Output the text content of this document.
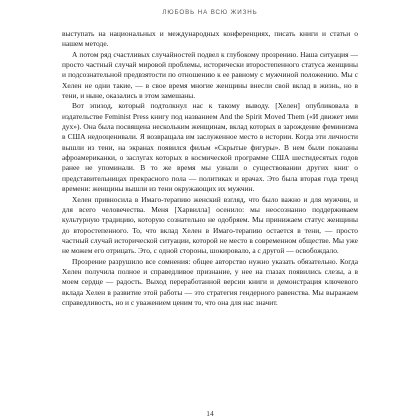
ЛЮБОВЬ НА ВСЮ ЖИЗНЬ

выступать на национальных и международных конференциях, писать книги и статьи о нашем методе.

А потом ряд счастливых случайностей подвел к глубокому прозрению. Наша ситуация — просто частный случай мировой проблемы, исторически второстепенного статуса женщины и подсознательной предвзятости по отношению к ее равному с мужчиной положению. Мы с Хелен не одни такие, — в свое время многие женщины внесли свой вклад в жизнь, но в тени, и ныне, оказались в этом замешаны.

Вот эпизод, который подтолкнул нас к такому выводу. [Хелен] опубликовала в издательстве Feminist Press книгу под названием And the Spirit Moved Them («И движет ими дух»). Она была посвящена нескольким женщинам, вклад которых в зарождение феминизма в США недооценивали. Я возвращала им заслуженное место в истории. Когда эти личности вышли из тени, на экранах появился фильм «Скрытые фигуры». В нем были показаны афроамериканки, о заслугах которых в космической программе США шестидесятых годов ранее не упоминали. В то же время мы узнали о существовании других книг о представительницах прекрасного пола — политиках и врачах. Это была вторая года тренд времени: женщины вышли из тени окружающих их мужчин.

Хелен привносила в Имаго-терапию женский взгляд, что было важно и для мужчин, и для всего человечества. Меня [Харвилла] осенило: мы неосознанно поддерживаем культурную традицию, которую сознательно не одобряем. Мы принижаем статус женщины до второстепенного. То, что вклад Хелен в Имаго-терапию остается в тени, — просто частный случай исторической ситуации, которой не место в современном обществе. Мы уже не можем его отрицать. Это, с одной стороны, шокировало, а с другой — освобождало.

Прозрение разрушило все сомнения: общее авторство нужно указать обязательно. Когда Хелен получила полное и справедливое признание, у нее на глазах появились слезы, а в моем сердце — радость. Выход переработанной версии книги и демонстрация ключевого вклада Хелен в развитие этой работы — это стратегия гендерного равенства. Мы выражаем справедливость, но и с уважением ценим то, что она для нас значит.

14
